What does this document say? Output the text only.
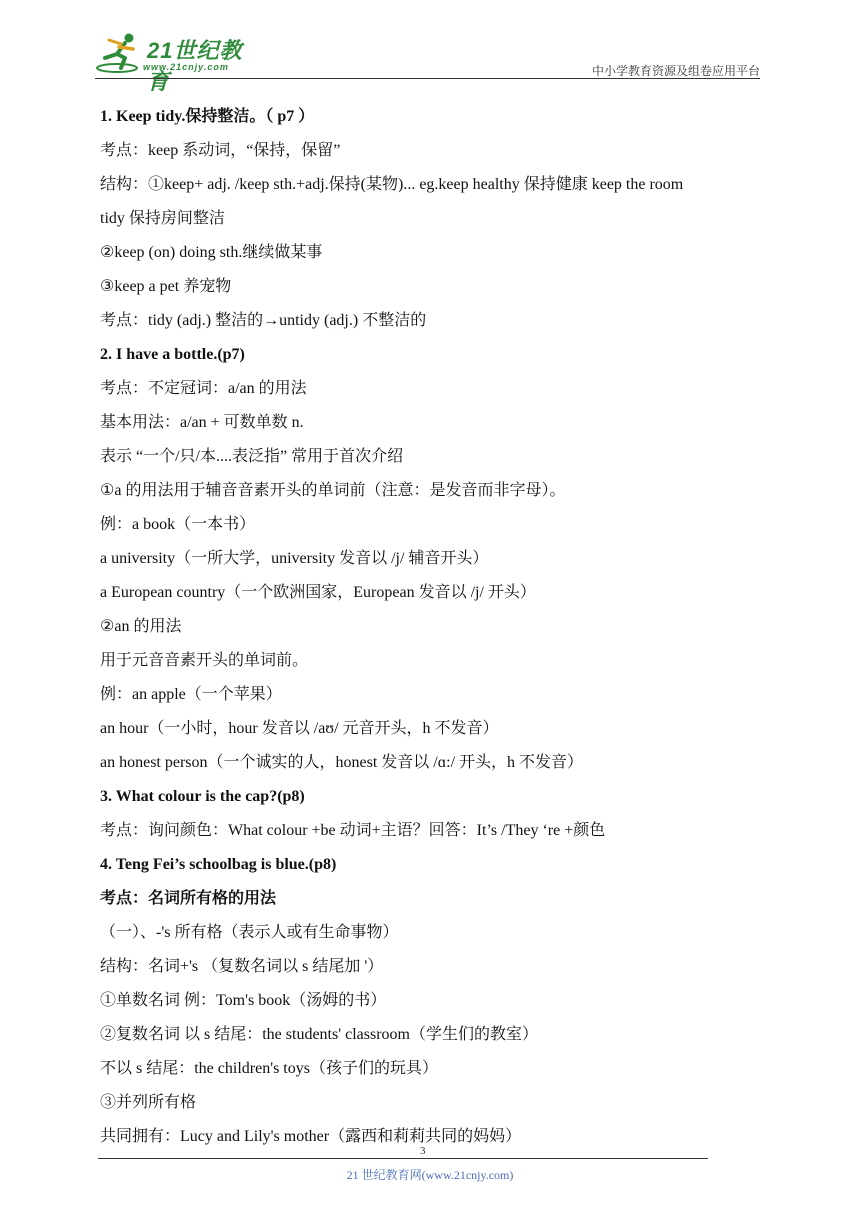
21世纪教育
www.21cnjy.com	中小学教育资源及组卷应用平台
1. Keep tidy.保持整洁。（ p7 ）
考点：keep 系动词，“保持，保留”
结构：①keep+ adj. /keep sth.+adj.保持(某物)... eg.keep healthy 保持健康 keep the room
tidy 保持房间整洁
②keep (on) doing sth.继续做某事
③keep a pet 养宠物
考点：tidy (adj.) 整洁的→untidy (adj.) 不整洁的
2. I have a bottle.(p7)
考点：不定冠词：a/an 的用法
基本用法：a/an + 可数单数 n.
表示 “一个/只/本....表泛指” 常用于首次介绍
①a 的用法用于辅音音素开头的单词前（注意：是发音而非字母）。
例：a book（一本书）
a university（一所大学，university 发音以 /j/ 辅音开头）
a European country（一个欧洲国家，European 发音以 /j/ 开头）
②an 的用法
用于元音音素开头的单词前。
例：an apple（一个苹果）
an hour（一小时，hour 发音以 /aʊ/ 元音开头，h 不发音）
an honest person（一个诚实的人，honest 发音以 /ɑ:/ 开头，h 不发音）
3. What colour is the cap?(p8)
考点：询问颜色：What colour +be 动词+主语？回答：It’s /They ‘re +颜色
4. Teng Fei’s schoolbag is blue.(p8)
考点：名词所有格的用法
（一）、-'s 所有格（表示人或有生命事物）
结构：名词+'s （复数名词以 s 结尾加 '）
①单数名词 例：Tom's book（汤姆的书）
②复数名词 以 s 结尾：the students' classroom（学生们的教室）
不以 s 结尾：the children's toys（孩子们的玩具）
③并列所有格
共同拥有：Lucy and Lily's mother（露西和莉莉共同的妈妈）
3
21 世纪教育网(www.21cnjy.com)
